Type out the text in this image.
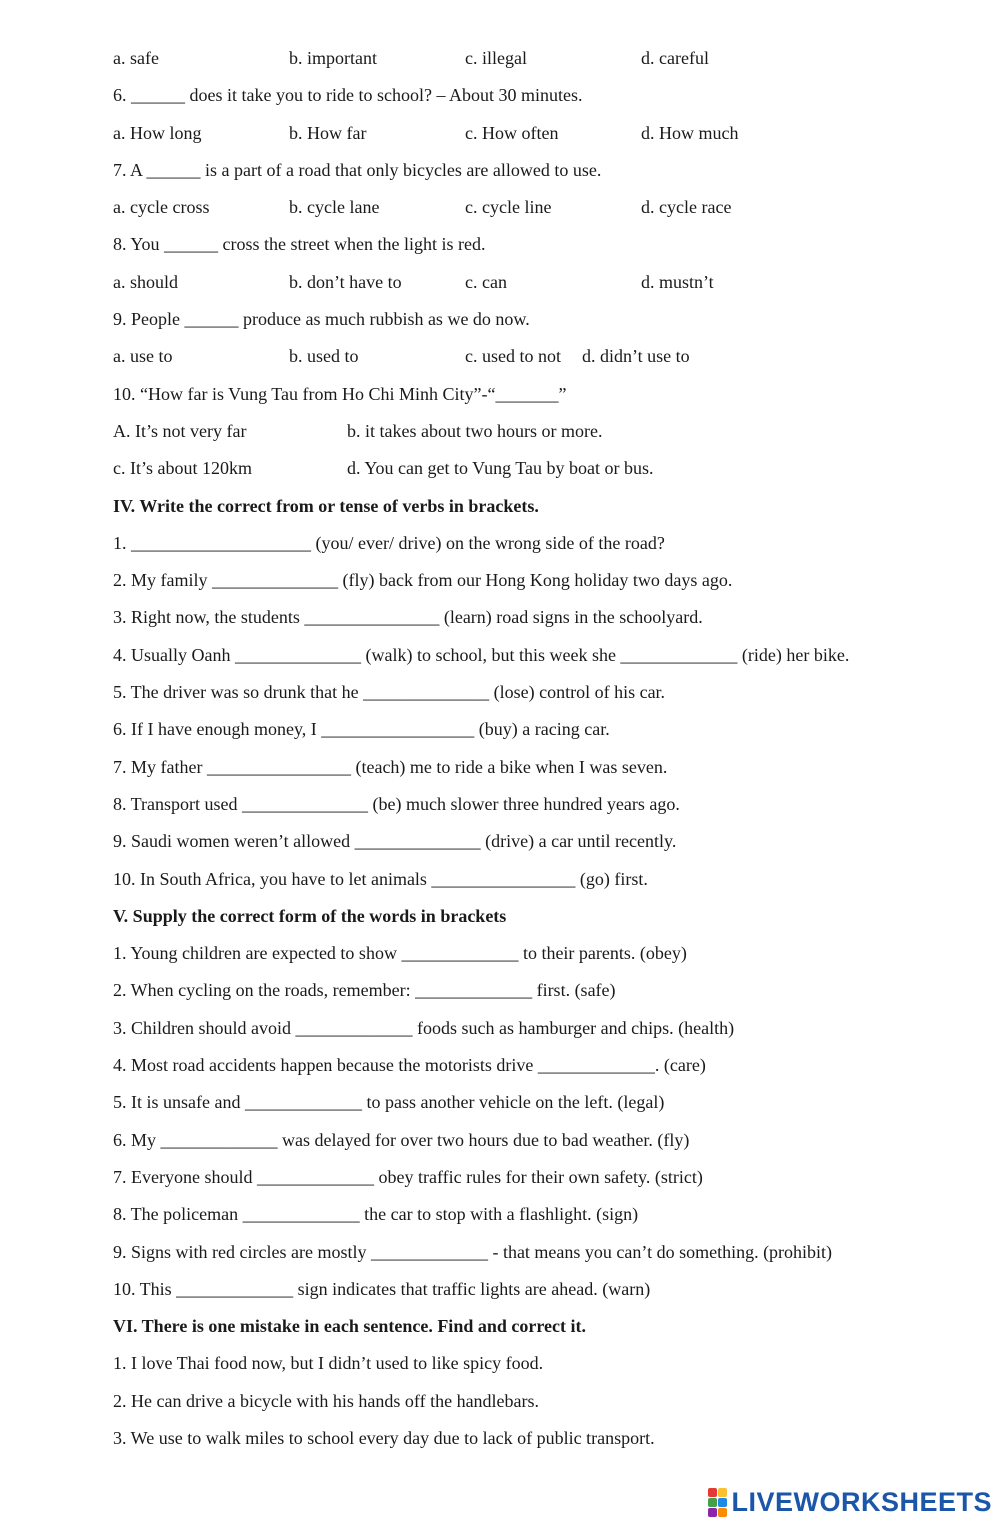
a. safe	b. important	c. illegal	d. careful
6. ______ does it take you to ride to school? – About 30 minutes.
a. How long	b. How far	c. How often	d. How much
7. A ______ is a part of a road that only bicycles are allowed to use.
a. cycle cross	b. cycle lane	c. cycle line	d. cycle race
8. You ______ cross the street when the light is red.
a. should	b. don’t have to	c. can	d. mustn’t
9. People ______ produce as much rubbish as we do now.
a. use to	b. used to	c. used to not d. didn’t use to
10. “How far is Vung Tau from Ho Chi Minh City”-“_______”
A. It’s not very far	b. it takes about two hours or more.
c. It’s about 120km	d. You can get to Vung Tau by boat or bus.
IV. Write the correct from or tense of verbs in brackets.
1. ____________________ (you/ ever/ drive) on the wrong side of the road?
2. My family ______________ (fly) back from our Hong Kong holiday two days ago.
3. Right now, the students _______________ (learn) road signs in the schoolyard.
4. Usually Oanh ______________ (walk) to school, but this week she _____________ (ride) her bike.
5. The driver was so drunk that he ______________ (lose) control of his car.
6. If I have enough money, I _________________ (buy) a racing car.
7. My father ________________ (teach) me to ride a bike when I was seven.
8. Transport used ______________ (be) much slower three hundred years ago.
9. Saudi women weren’t allowed ______________ (drive) a car until recently.
10. In South Africa, you have to let animals ________________ (go) first.
V. Supply the correct form of the words in brackets
1. Young children are expected to show _____________ to their parents. (obey)
2. When cycling on the roads, remember: _____________ first. (safe)
3. Children should avoid _____________ foods such as hamburger and chips. (health)
4. Most road accidents happen because the motorists drive _____________. (care)
5. It is unsafe and _____________ to pass another vehicle on the left. (legal)
6. My _____________ was delayed for over two hours due to bad weather. (fly)
7. Everyone should _____________ obey traffic rules for their own safety. (strict)
8. The policeman _____________ the car to stop with a flashlight. (sign)
9. Signs with red circles are mostly _____________ - that means you can’t do something. (prohibit)
10. This _____________ sign indicates that traffic lights are ahead. (warn)
VI. There is one mistake in each sentence. Find and correct it.
1. I love Thai food now, but I didn’t used to like spicy food.
2. He can drive a bicycle with his hands off the handlebars.
3. We use to walk miles to school every day due to lack of public transport.
LIVEWORKSHEETS
